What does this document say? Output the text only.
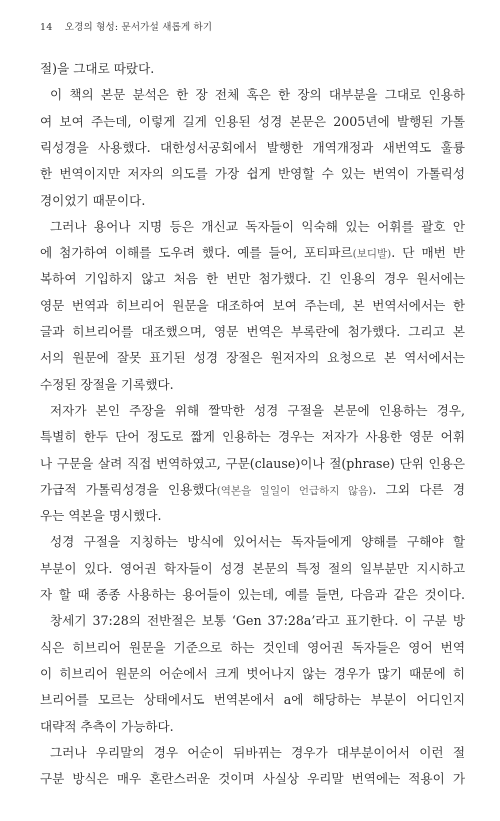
14 오경의 형성: 문서가설 새롭게 하기
절)을 그대로 따랐다.
이 책의 본문 분석은 한 장 전체 혹은 한 장의 대부분을 그대로 인용하
여 보여 주는데, 이렇게 길게 인용된 성경 본문은 2005년에 발행된 가톨
릭성경을 사용했다. 대한성서공회에서 발행한 개역개정과 새번역도 훌륭
한 번역이지만 저자의 의도를 가장 쉽게 반영할 수 있는 번역이 가톨릭성
경이었기 때문이다.
그러나 용어나 지명 등은 개신교 독자들이 익숙해 있는 어휘를 괄호 안
에 첨가하여 이해를 도우려 했다. 예를 들어, 포티파르(보디발). 단 매번 반
복하여 기입하지 않고 처음 한 번만 첨가했다. 긴 인용의 경우 원서에는
영문 번역과 히브리어 원문을 대조하여 보여 주는데, 본 번역서에서는 한
글과 히브리어를 대조했으며, 영문 번역은 부록란에 첨가했다. 그리고 본
서의 원문에 잘못 표기된 성경 장절은 원저자의 요청으로 본 역서에서는
수정된 장절을 기록했다.
저자가 본인 주장을 위해 짤막한 성경 구절을 본문에 인용하는 경우,
특별히 한두 단어 정도로 짧게 인용하는 경우는 저자가 사용한 영문 어휘
나 구문을 살려 직접 번역하였고, 구문(clause)이나 절(phrase) 단위 인용은
가급적 가톨릭성경을 인용했다(역본을 일일이 언급하지 않음). 그외 다른 경
우는 역본을 명시했다.
성경 구절을 지칭하는 방식에 있어서는 독자들에게 양해를 구해야 할
부분이 있다. 영어권 학자들이 성경 본문의 특정 절의 일부분만 지시하고
자 할 때 종종 사용하는 용어들이 있는데, 예를 들면, 다음과 같은 것이다.
창세기 37:28의 전반절은 보통 ‘Gen 37:28a’라고 표기한다. 이 구분 방
식은 히브리어 원문을 기준으로 하는 것인데 영어권 독자들은 영어 번역
이 히브리어 원문의 어순에서 크게 벗어나지 않는 경우가 많기 때문에 히
브리어를 모르는 상태에서도 번역본에서 a에 해당하는 부분이 어디인지
대략적 추측이 가능하다.
그러나 우리말의 경우 어순이 뒤바뀌는 경우가 대부분이어서 이런 절
구분 방식은 매우 혼란스러운 것이며 사실상 우리말 번역에는 적용이 가
